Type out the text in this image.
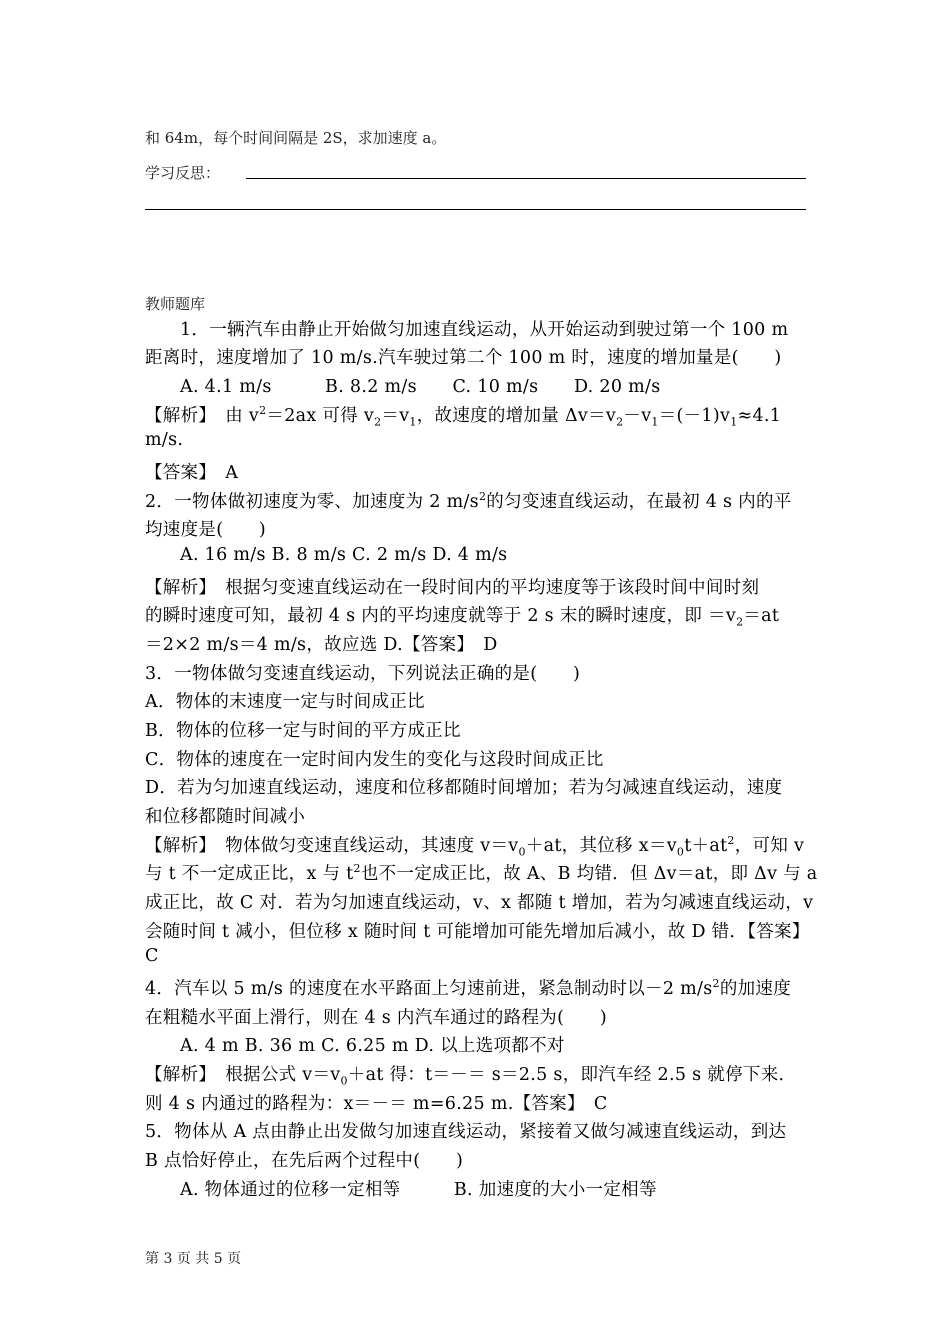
和 64m，每个时间间隔是 2S，求加速度 a。
学习反思：
教师题库
1．一辆汽车由静止开始做匀加速直线运动，从开始运动到驶过第一个 100 m
距离时，速度增加了 10 m/s.汽车驶过第二个 100 m 时，速度的增加量是(　　)
A. 4.1 m/s　　　B. 8.2 m/s　　C. 10 m/s　　D. 20 m/s
【解析】　由 $v^2=2ax$ 可得 $v_2=v_1$，故速度的增加量 $\Delta v=v_2-v_1=(-1)v_1\approx 4.1$
m/s.
【答案】　A
2．一物体做初速度为零、加速度为 2 $m/s^2$的匀变速直线运动，在最初 4 s 内的平
均速度是(　　)
A. 16 m/s B. 8 m/s C. 2 m/s D. 4 m/s
【解析】　根据匀变速直线运动在一段时间内的平均速度等于该段时间中间时刻
的瞬时速度可知，最初 4 s 内的平均速度就等于 2 s 末的瞬时速度，即 $=v_2=at$
＝2×2 m/s＝4 m/s，故应选 D.【答案】　D
3．一物体做匀变速直线运动，下列说法正确的是(　　)
A．物体的末速度一定与时间成正比
B．物体的位移一定与时间的平方成正比
C．物体的速度在一定时间内发生的变化与这段时间成正比
D．若为匀加速直线运动，速度和位移都随时间增加；若为匀减速直线运动，速度
和位移都随时间减小
【解析】　物体做匀变速直线运动，其速度 $v=v_0+at$，其位移 $x=v_0t+at^2$，可知 v
与 t 不一定成正比，x 与 $t^2$也不一定成正比，故 A、B 均错．但 Δv＝at，即 Δv 与 a
成正比，故 C 对．若为匀加速直线运动，v、x 都随 t 增加，若为匀减速直线运动，v
会随时间 t 减小，但位移 x 随时间 t 可能增加可能先增加后减小，故 D 错．【答案】
C
4．汽车以 5 m/s 的速度在水平路面上匀速前进，紧急制动时以－2 $m/s^2$的加速度
在粗糙水平面上滑行，则在 4 s 内汽车通过的路程为(　　)
A. 4 m B. 36 m C. 6.25 m D. 以上选项都不对
【解析】　根据公式 $v=v_0+at$ 得：t＝－＝ s＝2.5 s，即汽车经 2.5 s 就停下来．
则 4 s 内通过的路程为：x＝－＝ m=6.25 m.【答案】　C
5．物体从 A 点由静止出发做匀加速直线运动，紧接着又做匀减速直线运动，到达
B 点恰好停止，在先后两个过程中(　　)
A. 物体通过的位移一定相等　　　B. 加速度的大小一定相等
第 3 页 共 5 页
